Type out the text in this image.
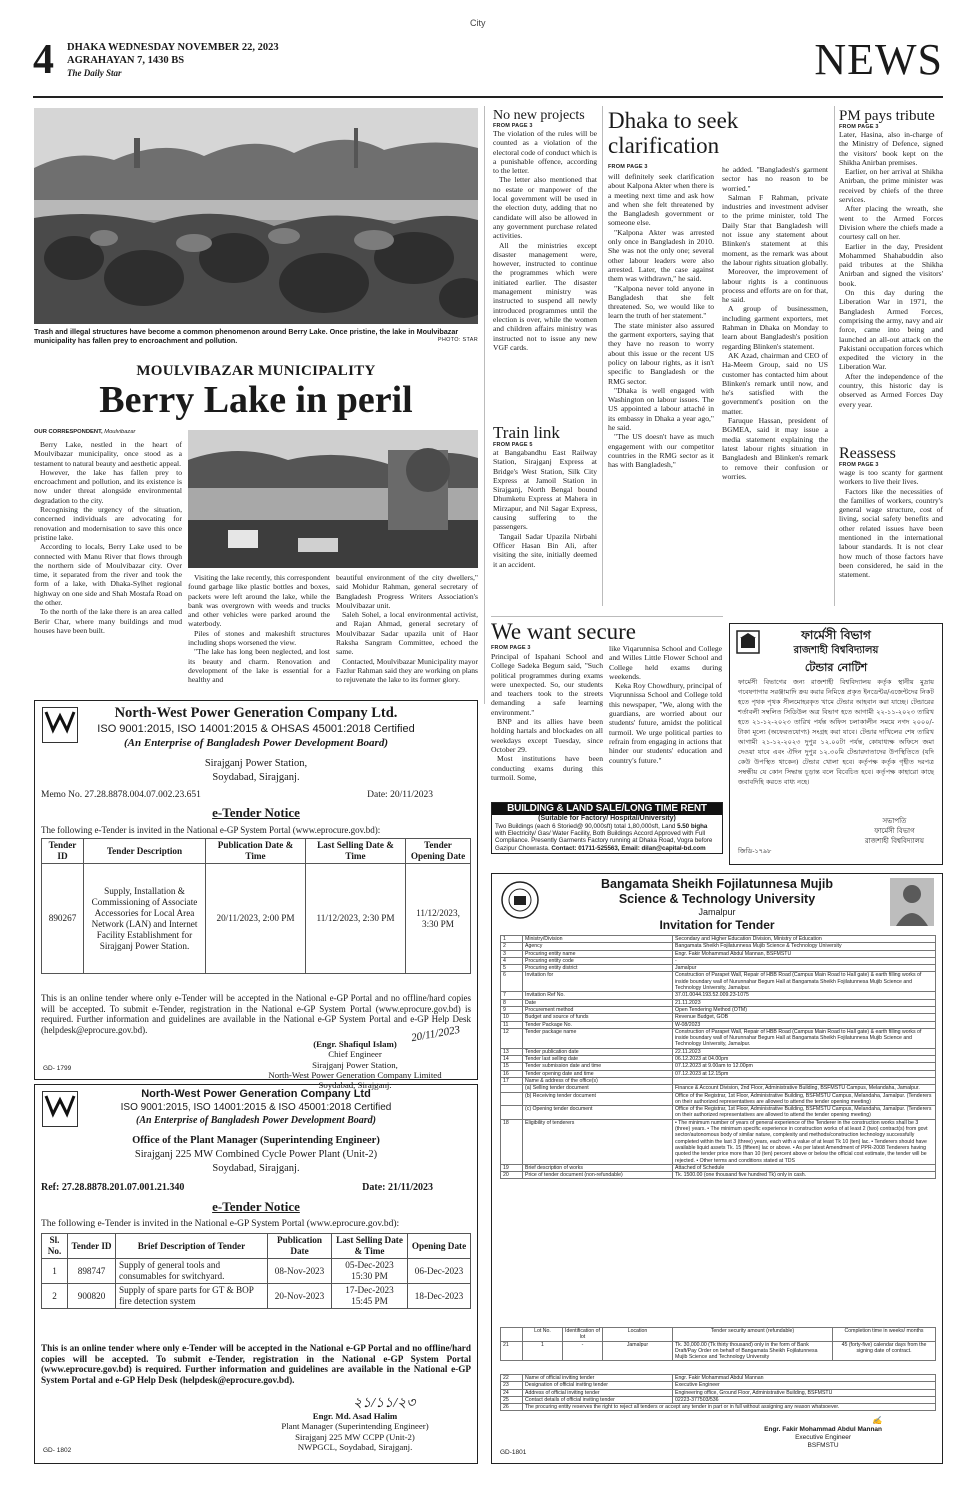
City
4 DHAKA WEDNESDAY NOVEMBER 22, 2023
AGRAHAYAN 7, 1430 BS
The Daily Star	NEWS
Trash and illegal structures have become a common phenomenon around Berry Lake. Once pristine, the lake in Moulvibazar municipality has fallen prey to encroachment and pollution.	PHOTO: STAR
MOULVIBAZAR MUNICIPALITY
Berry Lake in peril
OUR CORRESPONDENT, Moulvibazar

Berry Lake, nestled in the heart of Moulvibazar municipality, once stood as a testament to natural beauty and aesthetic appeal.

However, the lake has fallen prey to encroachment and pollution, and its existence is now under threat alongside environmental degradation to the city.

Recognising the urgency of the situation, concerned individuals are advocating for renovation and modernisation to save this once pristine lake.

According to locals, Berry Lake used to be connected with Manu River that flows through the northern side of Moulvibazar city. Over time, it separated from the river and took the form of a lake, with Dhaka-Sylhet regional highway on one side and Shah Mostafa Road on the other.

To the north of the lake there is an area called Berir Char, where many buildings and mud houses have been built.

Visiting the lake recently, this correspondent found garbage like plastic bottles and boxes, packets were left around the lake, while the bank was overgrown with weeds and trucks and other vehicles were parked around the waterbody.

Piles of stones and makeshift structures including shops worsened the view.

"The lake has long been neglected, and lost its beauty and charm. Renovation and development of the lake is essential for a healthy and

beautiful environment of the city dwellers," said Mohidur Rahman, general secretary of Bangladesh Progress Writers Association's Moulvibazar unit.

Saleh Sohel, a local environmental activist, and Rajan Ahmad, general secretary of Moulvibazar Sadar upazila unit of Haor Raksha Sangram Committee, echoed the same.

Contacted, Moulvibazar Municipality mayor Fazlur Rahman said they are working on plans to rejuvenate the lake to its former glory.

No new projects
FROM PAGE 3

The violation of the rules will be counted as a violation of the electoral code of conduct which is a punishable offence, according to the letter.

The letter also mentioned that no estate or manpower of the local government will be used in the election duty, adding that no candidate will also be allowed in any government purchase related activities.

All the ministries except disaster management were, however, instructed to continue the programmes which were initiated earlier. The disaster management ministry was instructed to suspend all newly introduced programmes until the election is over, while the women and children affairs ministry was instructed not to issue any new VGF cards.

Train link
FROM PAGE 5

at Bangabandhu East Railway Station, Sirajganj Express at Bridge's West Station, Silk City Express at Jamoil Station in Sirajganj, North Bengal bound Dhumketu Express at Mahera in Mirzapur, and Nil Sagar Express, causing suffering to the passengers.

Tangail Sadar Upazila Nirbahi Officer Hasan Bin Ali, after visiting the site, initially deemed it an accident.

Dhaka to seek clarification
FROM PAGE 3

will definitely seek clarification about Kalpona Akter when there is a meeting next time and ask how and when she felt threatened by the Bangladesh government or someone else.

"Kalpona Akter was arrested only once in Bangladesh in 2010. She was not the only one; several other labour leaders were also arrested. Later, the case against them was withdrawn," he said.

"Kalpona never told anyone in Bangladesh that she felt threatened. So, we would like to learn the truth of her statement."

The state minister also assured the garment exporters, saying that they have no reason to worry about this issue or the recent US policy on labour rights, as it isn't specific to Bangladesh or the RMG sector.

"Dhaka is well engaged with Washington on labour issues. The US appointed a labour attaché in its embassy in Dhaka a year ago," he said.

"The US doesn't have as much engagement with our competitor countries in the RMG sector as it has with Bangladesh,"

he added. "Bangladesh's garment sector has no reason to be worried."

Salman F Rahman, private industries and investment adviser to the prime minister, told The Daily Star that Bangladesh will not issue any statement about Blinken's statement at this moment, as the remark was about the labour rights situation globally.

Moreover, the improvement of labour rights is a continuous process and efforts are on for that, he said.

A group of businessmen, including garment exporters, met Rahman in Dhaka on Monday to learn about Bangladesh's position regarding Blinken's statement.

AK Azad, chairman and CEO of Ha-Meem Group, said no US customer has contacted him about Blinken's remark until now, and he's satisfied with the government's position on the matter.

Faruque Hassan, president of BGMEA, said it may issue a media statement explaining the latest labour rights situation in Bangladesh and Blinken's remark to remove their confusion or worries.

PM pays tribute
FROM PAGE 3

Later, Hasina, also in-charge of the Ministry of Defence, signed the visitors' book kept on the Shikha Anirban premises.

Earlier, on her arrival at Shikha Anirban, the prime minister was received by chiefs of the three services.

After placing the wreath, she went to the Armed Forces Division where the chiefs made a courtesy call on her.

Earlier in the day, President Mohammed Shahabuddin also paid tributes at the Shikha Anirban and signed the visitors' book.

On this day during the Liberation War in 1971, the Bangladesh Armed Forces, comprising the army, navy and air force, came into being and launched an all-out attack on the Pakistani occupation forces which expedited the victory in the Liberation War.

After the independence of the country, this historic day is observed as Armed Forces Day every year.

Reassess
FROM PAGE 3

wage is too scanty for garment workers to live their lives.

Factors like the necessities of the families of workers, country's general wage structure, cost of living, social safety benefits and other related issues have been mentioned in the international labour standards. It is not clear how much of those factors have been considered, he said in the statement.

We want secure
FROM PAGE 3

Principal of Ispahani School and College Sadeka Begum said, "Such political programmes during exams were unexpected. So, our students and teachers took to the streets demanding a safe learning environment."

BNP and its allies have been holding hartals and blockades on all weekdays except Tuesday, since October 29.

Most institutions have been conducting exams during this turmoil. Some,

like Viqarunnisa School and College and Willes Little Flower School and College held exams during weekends.

Keka Roy Chowdhury, principal of Viqrunnissa School and College told this newspaper, "We, along with the guardians, are worried about our students' future, amidst the political turmoil. We urge political parties to refrain from engaging in actions that hinder our students' education and country's future."

BUILDING & LAND SALE/LONG TIME RENT
(Suitable for Factory/ Hospital/University)
Two Buildings (each 6 Storied@ 90,000sft) total 1,80,000sft, Land 5.50 bigha with Electricity/ Gas/ Water Facility, Both Buildings Accord Approved with Full Compliance. Presently Garments Factory running at Dhaka Road, Vogra before Gazipur Chowrasta. Contact: 01711-525563, Email: dilan@capital-bd.com
ফার্মেসী বিভাগ
রাজশাহী বিশ্ববিদ্যালয়
টেন্ডার নোটিশ
ফার্মেসী বিভাগের জন্য রাজশাহী বিশ্ববিদ্যালয় কর্তৃক স্থানীয় মুদ্রায় গবেষণাগার সরঞ্জামাদি ক্রয় করার নিমিত্তে প্রকৃত ইনডেন্টর/এজেন্টদের নিকট হতে পৃথক পৃথক সীলমোহরকৃত খামে টেন্ডার আহবান করা যাচ্ছে। টেন্ডারের শর্তাবলী সম্বলিত সিডিউল অত্র বিভাগ হতে আগামী ২২-১১-২০২৩ তারিখ হতে ২১-১২-২০২৩ তারিখ পর্যন্ত অফিস চলাকালীন সময়ে নগদ ২০০০/- টাকা মূল্যে (অফেরতযোগ্য) সংগ্রহ করা যাবে। টেন্ডার দাখিলের শেষ তারিখ আগামী ২১-১২-২০২৩ দুপুর ১২.০০টা পর্যন্ত, কোযাধ্যক্ষ অফিসে জমা দেওয়া যাবে এবং ঐদিন দুপুর ১২.৩০মি টেন্ডারদাতাদের উপস্থিতিতে (যদি কেউ উপস্থিত থাকেন) টেন্ডার খোলা হবে। কর্তৃপক্ষ কর্তৃক গৃহীত দরপত্র সম্বন্ধীয় যে কোন সিদ্ধান্ত চূড়ান্ত বলে বিবেচিত হবে। কর্তৃপক্ষ কাহারো কাছে জবাবদিহি করতে বাধ্য নহে।
সভাপতি
ফার্মেসী বিভাগ
রাজশাহী বিশ্ববিদ্যালয়
জিডি-১৭৯৮
North-West Power Generation Company Ltd.
ISO 9001:2015, ISO 14001:2015 & OHSAS 45001:2018 Certified
(An Enterprise of Bangladesh Power Development Board)
Sirajganj Power Station,
Soydabad, Sirajganj.
Memo No. 27.28.8878.004.07.002.23.651	Date: 20/11/2023
e-Tender Notice
The following e-Tender is invited in the National e-GP System Portal (www.eprocure.gov.bd):
Tender ID	Tender Description	Publication Date & Time	Last Selling Date & Time	Tender Opening Date
890267	Supply, Installation & Commissioning of Associate Accessories for Local Area Network (LAN) and Internet Facility Establishment for Sirajganj Power Station.	20/11/2023, 2:00 PM	11/12/2023, 2:30 PM	11/12/2023, 3:30 PM
This is an online tender where only e-Tender will be accepted in the National e-GP Portal and no offline/hard copies will be accepted. To submit e-Tender, registration in the National e-GP System Portal (www.eprocure.gov.bd) is required. Further information and guidelines are available in the National e-GP System Portal and e-GP Help Desk (helpdesk@eprocure.gov.bd).	20/11/2023
(Engr. Shafiqul Islam)
Chief Engineer
Sirajganj Power Station,
North-West Power Generation Company Limited
Soydabad, Sirajganj.
GD- 1799
North-West Power Generation Company Ltd
ISO 9001:2015, ISO 14001:2015 & ISO 45001:2018 Certified
(An Enterprise of Bangladesh Power Development Board)
Office of the Plant Manager (Superintending Engineer)
Sirajganj 225 MW Combined Cycle Power Plant (Unit-2)
Soydabad, Sirajganj.
Ref: 27.28.8878.201.07.001.21.340	Date: 21/11/2023
e-Tender Notice
The following e-Tender is invited in the National e-GP System Portal (www.eprocure.gov.bd):
Sl. No.	Tender ID	Brief Description of Tender	Publication Date	Last Selling Date & Time	Opening Date
1	898747	Supply of general tools and consumables for switchyard.	08-Nov-2023	05-Dec-2023 15:30 PM	06-Dec-2023
2	900820	Supply of spare parts for GT & BOP fire detection system	20-Nov-2023	17-Dec-2023 15:45 PM	18-Dec-2023
This is an online tender where only e-Tender will be accepted in the National e-GP Portal and no offline/hard copies will be accepted. To submit e-Tender, registration in the National e-GP System Portal (www.eprocure.gov.bd) is required. Further information and guidelines are available in the National e-GP System Portal and e-GP Help Desk (helpdesk@eprocure.gov.bd).
২১/১১/২৩
Engr. Md. Asad Halim
Plant Manager (Superintending Engineer)
Sirajganj 225 MW CCPP (Unit-2)
NWPGCL, Soydabad, Sirajganj.
GD- 1802
Bangamata Sheikh Fojilatunnesa Mujib
Science & Technology University
Jamalpur
Invitation for Tender
1	Ministry/Division	Secondary and Higher Education Division, Ministry of Education
2	Agency	Bangamata Sheikh Fojilatunnesa Mujib Science & Technology University
3	Procuring entity name	Engr. Fakir Mohammad Abdul Mannan, BSFMSTU
4	Procuring entity code	-
5	Procuring entity district	Jamalpur
6	Invitation for	Construction of Parapet Wall, Repair of HBB Road (Campus Main Road to Hall gate) & earth filling works of inside boundary wall of Nurunnahar Begum Hall at Bangamata Sheikh Fojilatunnesa Mujib Science and Technology University, Jamalpur.
7	Invitation Ref No.	37.01.0044.193.52.009.23-1075
8	Date	21.11.2023
9	Procurement method	Open Tendering Method (OTM)
10	Budget and source of funds	Revenue Budget, GOB
11	Tender Package No.	W-08/2023
12	Tender package name	Construction of Parapet Wall, Repair of HBB Road (Campus Main Road to Hall gate) & earth filling works of inside boundary wall of Nurunnahar Begum Hall at Bangamata Sheikh Fojilatunnesa Mujib Science and Technology University, Jamalpur.
13	Tender publication date	22.11.2023
14	Tender last selling date	06.12.2023 at 04.00pm
15	Tender submission date and time	07.12.2023 at 9.00am to 12.00pm
16	Tender opening date and time	07.12.2023 at 12.15pm
17	Name & address of the office(s)	
	(a) Selling tender document	Finance & Account Division, 2nd Floor, Administrative Building, BSFMSTU Campus, Melandaha, Jamalpur.
	(b) Receiving tender document	Office of the Registrar, 1st Floor, Administrative Building, BSFMSTU Campus, Melandaha, Jamalpur. (Tenderers on their authorized representatives are allowed to attend the tender opening meeting)
	(c) Opening tender document	Office of the Registrar, 1st Floor, Administrative Building, BSFMSTU Campus, Melandaha, Jamalpur. (Tenderers on their authorized representatives are allowed to attend the tender opening meeting)
18	Eligibility of tenderers	• The minimum number of years of general experience of the Tenderer in the construction works shall be 3 (three) years. • The minimum specific experience in construction works of at least 2 (two) contract(s) from govt sector/autonomous body of similar nature, complexity and methods/construction technology successfully completed within the last 3 (three) years, each with a value of at least Tk 10 (ten) lac. • Tenderers should have available liquid assets Tk. 15 (fifteen) lac or above. • As per latest Amendment of PPR-2008 Tenderers having quoted the tender price more than 10 (ten) percent above or below the official cost estimate, the tender will be rejected. • Other terms and conditions stated at TDS
19	Brief description of works	Attached of Schedule
20	Price of tender document (non-refundable)	Tk. 1500.00 (one thousand five hundred Tk) only in cash.
	Lot No.	Identification of lot	Location	Tender security amount (refundable)	Completion time in weeks/ months
21	1	-	Jamalpur	Tk. 30,000.00 (Tk thirty thousand) only in the form of Bank Draft/Pay Order on behalf of Bangamata Sheikh Fojilatunnesa Mujib Science and Technology University	45 (forty-five) calendar days from the signing date of contract.
22	Name of official inviting tender	Engr. Fakir Mohammad Abdul Mannan
23	Designation of official inviting tender	Executive Engineer
24	Address of official inviting tender	Engineering office, Ground Floor, Administrative Building, BSFMSTU
25	Contact details of official inviting tender	02223-377503/536
26	The procuring entity reserves the right to reject all tenders or accept any tender in part or in full without assigning any reason whatsoever.	
✍
Engr. Fakir Mohammad Abdul Mannan
Executive Engineer
BSFMSTU
GD-1801
